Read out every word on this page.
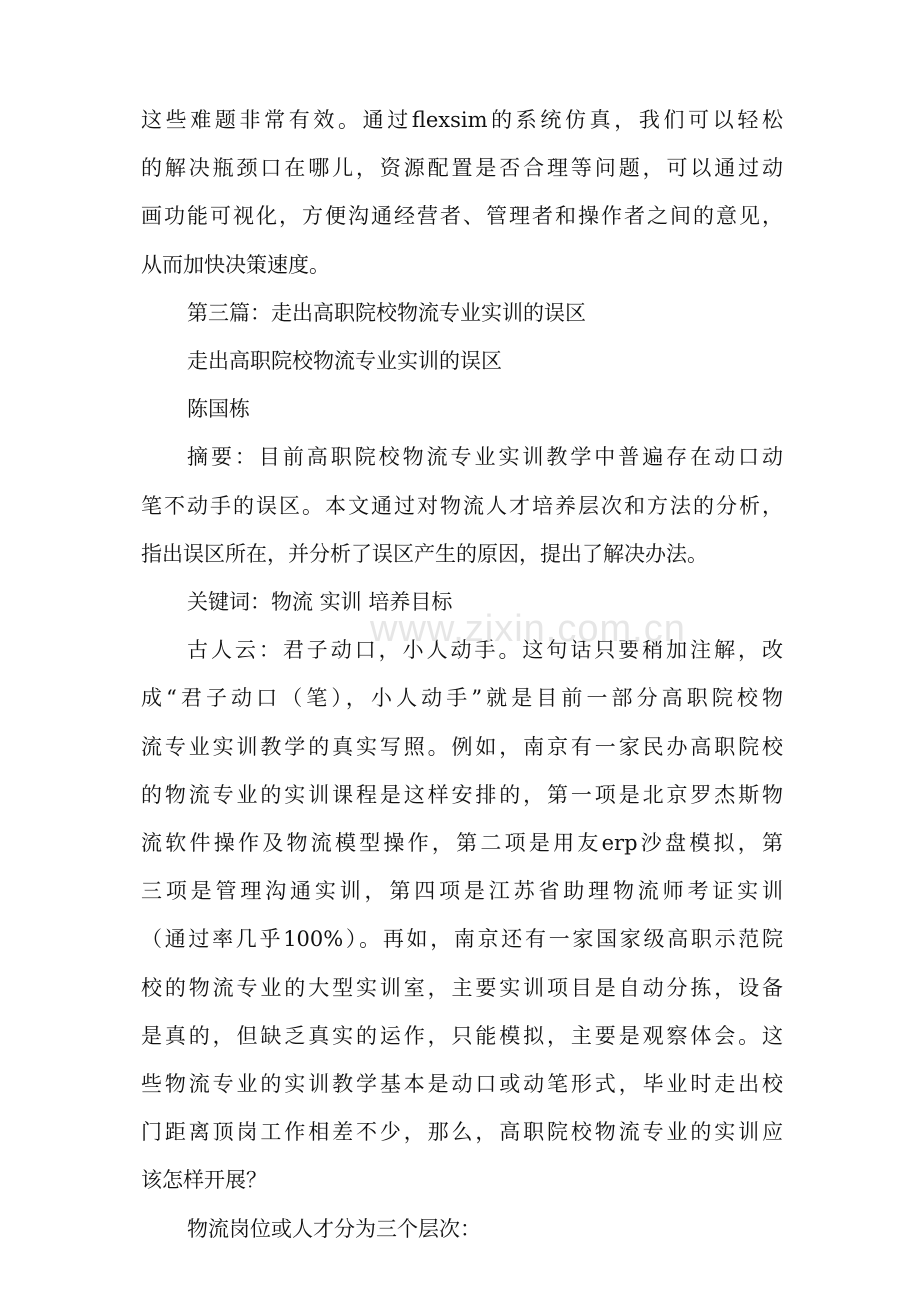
这些难题非常有效。通过flexsim的系统仿真，我们可以轻松
的解决瓶颈口在哪儿，资源配置是否合理等问题，可以通过动
画功能可视化，方便沟通经营者、管理者和操作者之间的意见，
从而加快决策速度。
第三篇：走出高职院校物流专业实训的误区
走出高职院校物流专业实训的误区
陈国栋
摘要：目前高职院校物流专业实训教学中普遍存在动口动
笔不动手的误区。本文通过对物流人才培养层次和方法的分析，
指出误区所在，并分析了误区产生的原因，提出了解决办法。
关键词：物流 实训 培养目标
古人云：君子动口，小人动手。这句话只要稍加注解，改
成“君子动口（笔），小人动手”就是目前一部分高职院校物
流专业实训教学的真实写照。例如，南京有一家民办高职院校
的物流专业的实训课程是这样安排的，第一项是北京罗杰斯物
流软件操作及物流模型操作，第二项是用友erp沙盘模拟，第
三项是管理沟通实训，第四项是江苏省助理物流师考证实训
（通过率几乎100%）。再如，南京还有一家国家级高职示范院
校的物流专业的大型实训室，主要实训项目是自动分拣，设备
是真的，但缺乏真实的运作，只能模拟，主要是观察体会。这
些物流专业的实训教学基本是动口或动笔形式，毕业时走出校
门距离顶岗工作相差不少，那么，高职院校物流专业的实训应
该怎样开展？
物流岗位或人才分为三个层次：
www.zixin.com.cn
